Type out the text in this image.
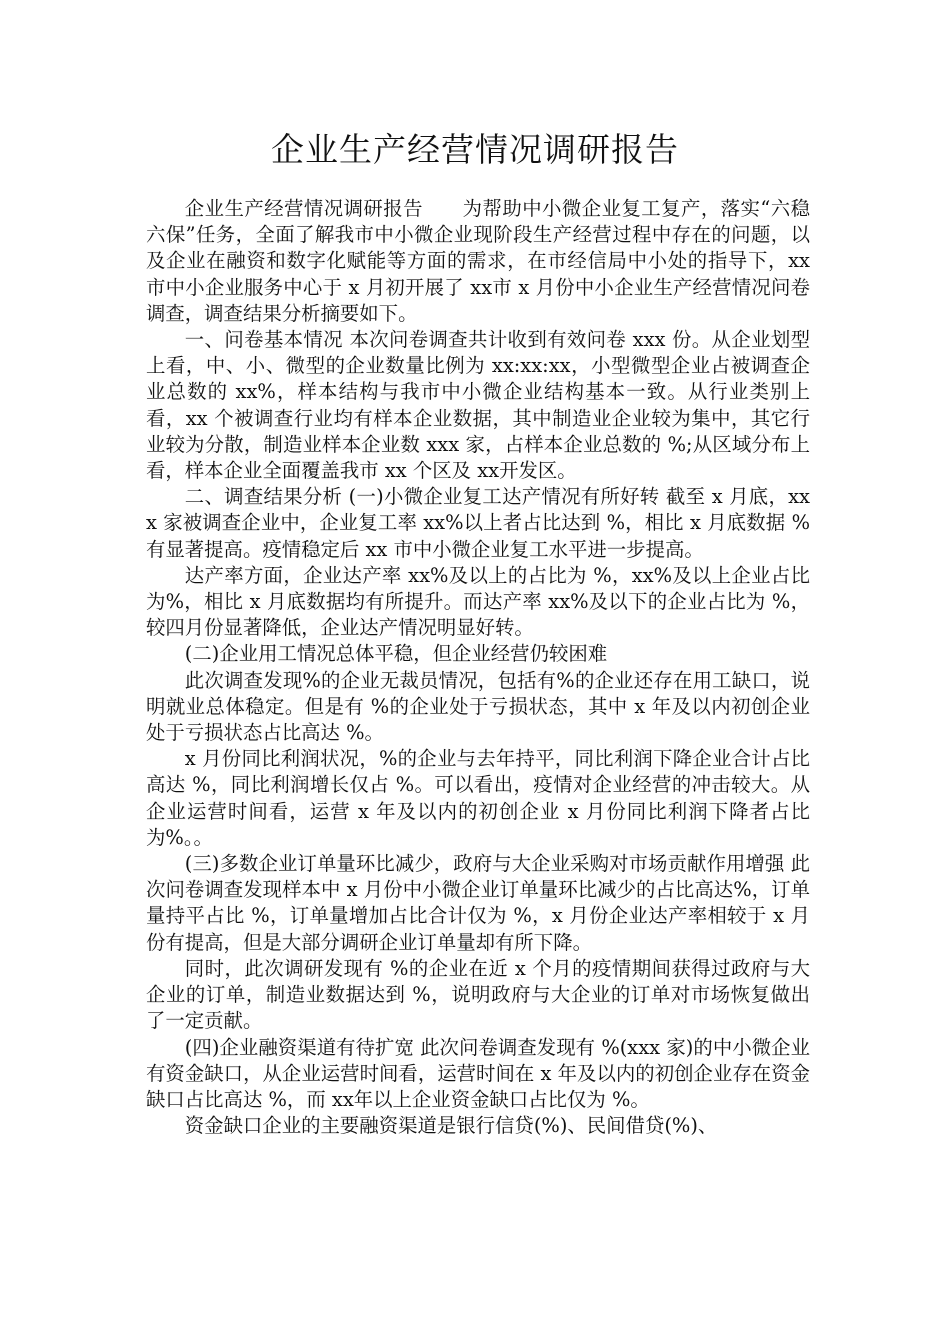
企业生产经营情况调研报告

企业生产经营情况调研报告　　为帮助中小微企业复工复产，落实“六稳六保”任务，全面了解我市中小微企业现阶段生产经营过程中存在的问题，以及企业在融资和数字化赋能等方面的需求，在市经信局中小处的指导下，xx 市中小企业服务中心于 x 月初开展了 xx市 x 月份中小企业生产经营情况问卷调查，调查结果分析摘要如下。

一、问卷基本情况 本次问卷调查共计收到有效问卷 xxx 份。从企业划型上看，中、小、微型的企业数量比例为 xx:xx:xx，小型微型企业占被调查企业总数的 xx%，样本结构与我市中小微企业结构基本一致。从行业类别上看，xx 个被调查行业均有样本企业数据，其中制造业企业较为集中，其它行业较为分散，制造业样本企业数 xxx 家，占样本企业总数的 %;从区域分布上看，样本企业全面覆盖我市 xx 个区及 xx开发区。

二、调查结果分析 (一)小微企业复工达产情况有所好转 截至 x 月底，xxx 家被调查企业中，企业复工率 xx%以上者占比达到 %，相比 x 月底数据 %有显著提高。疫情稳定后 xx 市中小微企业复工水平进一步提高。

达产率方面，企业达产率 xx%及以上的占比为 %，xx%及以上企业占比为%，相比 x 月底数据均有所提升。而达产率 xx%及以下的企业占比为 %，较四月份显著降低，企业达产情况明显好转。

(二)企业用工情况总体平稳，但企业经营仍较困难

此次调查发现%的企业无裁员情况，包括有%的企业还存在用工缺口，说明就业总体稳定。但是有 %的企业处于亏损状态，其中 x 年及以内初创企业处于亏损状态占比高达 %。

x 月份同比利润状况，%的企业与去年持平，同比利润下降企业合计占比高达 %，同比利润增长仅占 %。可以看出，疫情对企业经营的冲击较大。从企业运营时间看，运营 x 年及以内的初创企业 x 月份同比利润下降者占比为%。。

(三)多数企业订单量环比减少，政府与大企业采购对市场贡献作用增强 此次问卷调查发现样本中 x 月份中小微企业订单量环比减少的占比高达%，订单量持平占比 %，订单量增加占比合计仅为 %，x 月份企业达产率相较于 x 月份有提高，但是大部分调研企业订单量却有所下降。

同时，此次调研发现有 %的企业在近 x 个月的疫情期间获得过政府与大企业的订单，制造业数据达到 %，说明政府与大企业的订单对市场恢复做出了一定贡献。

(四)企业融资渠道有待扩宽 此次问卷调查发现有 %(xxx 家)的中小微企业有资金缺口，从企业运营时间看，运营时间在 x 年及以内的初创企业存在资金缺口占比高达 %，而 xx年以上企业资金缺口占比仅为 %。

资金缺口企业的主要融资渠道是银行信贷(%)、民间借贷(%)、
